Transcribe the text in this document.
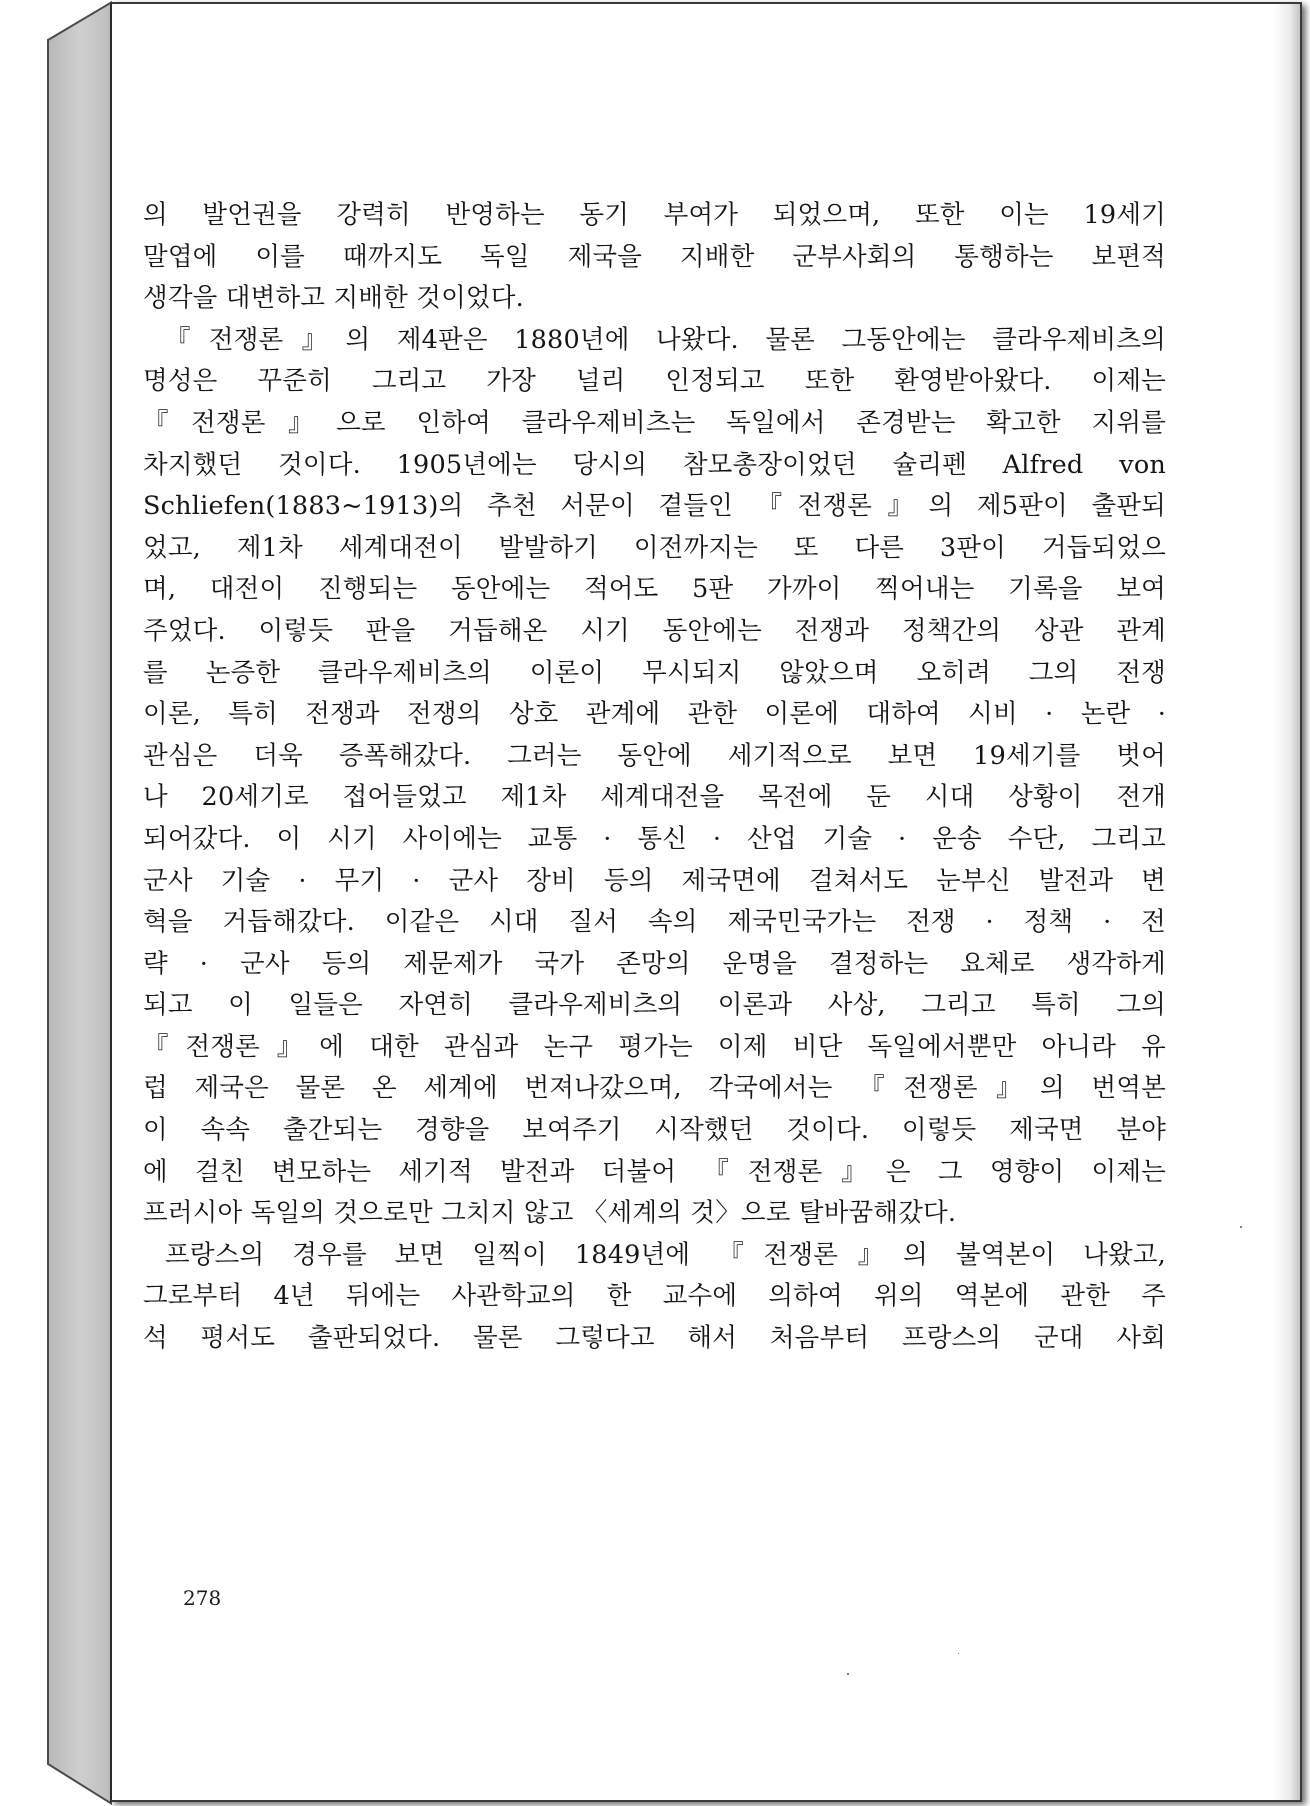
의 발언권을 강력히 반영하는 동기 부여가 되었으며, 또한 이는 19세기
말엽에 이를 때까지도 독일 제국을 지배한 군부사회의 통행하는 보편적
생각을 대변하고 지배한 것이었다.
『전쟁론』의 제4판은 1880년에 나왔다. 물론 그동안에는 클라우제비츠의
명성은 꾸준히 그리고 가장 널리 인정되고 또한 환영받아왔다. 이제는
『전쟁론』으로 인하여 클라우제비츠는 독일에서 존경받는 확고한 지위를
차지했던 것이다. 1905년에는 당시의 참모총장이었던 슐리펜 Alfred von
Schliefen(1883~1913)의 추천 서문이 곁들인 『전쟁론』의 제5판이 출판되
었고, 제1차 세계대전이 발발하기 이전까지는 또 다른 3판이 거듭되었으
며, 대전이 진행되는 동안에는 적어도 5판 가까이 찍어내는 기록을 보여
주었다. 이렇듯 판을 거듭해온 시기 동안에는 전쟁과 정책간의 상관 관계
를 논증한 클라우제비츠의 이론이 무시되지 않았으며 오히려 그의 전쟁
이론, 특히 전쟁과 전쟁의 상호 관계에 관한 이론에 대하여 시비 · 논란 ·
관심은 더욱 증폭해갔다. 그러는 동안에 세기적으로 보면 19세기를 벗어
나 20세기로 접어들었고 제1차 세계대전을 목전에 둔 시대 상황이 전개
되어갔다. 이 시기 사이에는 교통 · 통신 · 산업 기술 · 운송 수단, 그리고
군사 기술 · 무기 · 군사 장비 등의 제국면에 걸쳐서도 눈부신 발전과 변
혁을 거듭해갔다. 이같은 시대 질서 속의 제국민국가는 전쟁 · 정책 · 전
략 · 군사 등의 제문제가 국가 존망의 운명을 결정하는 요체로 생각하게
되고 이 일들은 자연히 클라우제비츠의 이론과 사상, 그리고 특히 그의
『전쟁론』에 대한 관심과 논구 평가는 이제 비단 독일에서뿐만 아니라 유
럽 제국은 물론 온 세계에 번져나갔으며, 각국에서는 『전쟁론』의 번역본
이 속속 출간되는 경향을 보여주기 시작했던 것이다. 이렇듯 제국면 분야
에 걸친 변모하는 세기적 발전과 더불어 『전쟁론』은 그 영향이 이제는
프러시아 독일의 것으로만 그치지 않고 〈세계의 것〉으로 탈바꿈해갔다.
프랑스의 경우를 보면 일찍이 1849년에 『전쟁론』의 불역본이 나왔고,
그로부터 4년 뒤에는 사관학교의 한 교수에 의하여 위의 역본에 관한 주
석 평서도 출판되었다. 물론 그렇다고 해서 처음부터 프랑스의 군대 사회
278
